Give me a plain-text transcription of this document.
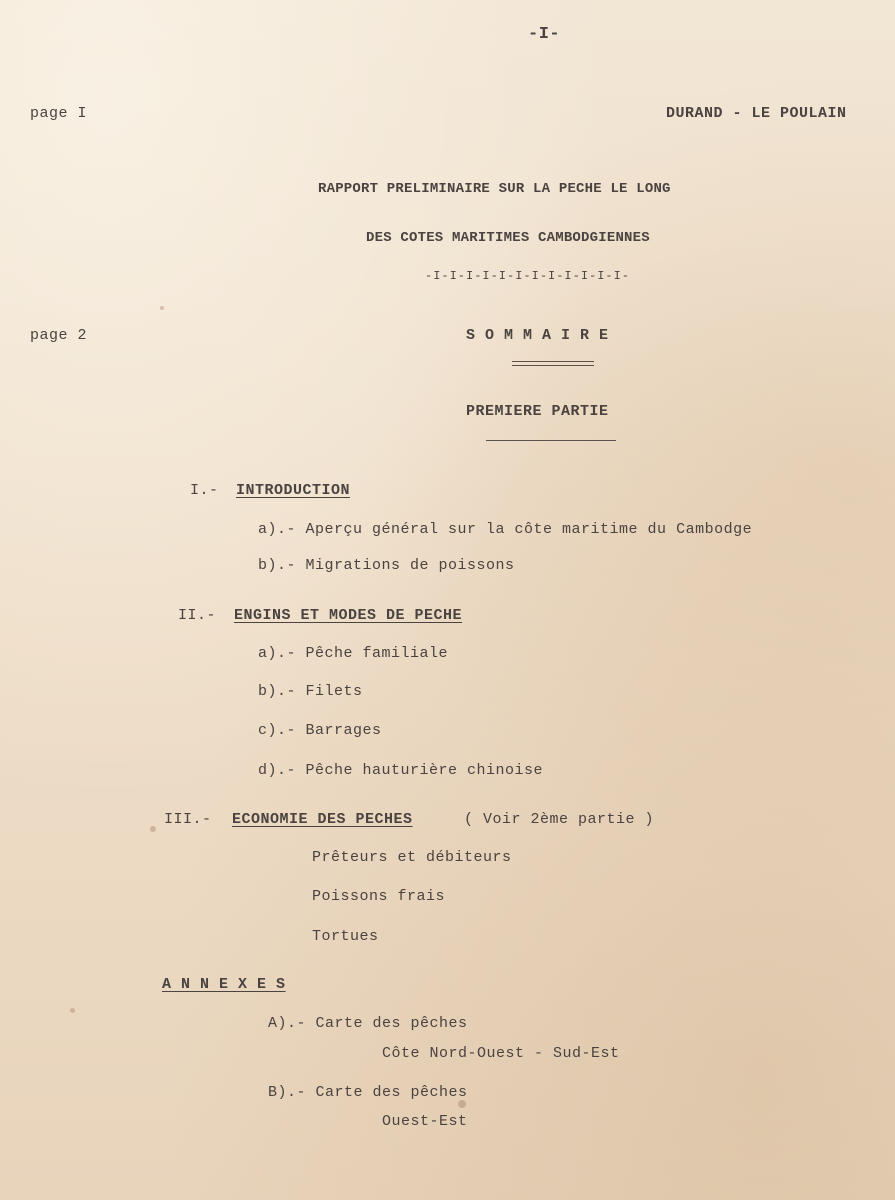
-I-
page I	DURAND - LE POULAIN
RAPPORT PRELIMINAIRE SUR LA PECHE LE LONG
DES COTES MARITIMES CAMBODGIENNES
-I-I-I-I-I-I-I-I-I-I-I-I-
page 2	S O M M A I R E
PREMIERE PARTIE
I.- INTRODUCTION
a).- Aperçu général sur la côte maritime du Cambodge
b).- Migrations de poissons
II.- ENGINS ET MODES DE PECHE
a).- Pêche familiale
b).- Filets
c).- Barrages
d).- Pêche hauturière chinoise
III.- ECONOMIE DES PECHES	( Voir 2ème partie )
Prêteurs et débiteurs
Poissons frais
Tortues
A N N E X E S
A).- Carte des pêches
Côte Nord-Ouest - Sud-Est
B).- Carte des pêches
Ouest-Est
